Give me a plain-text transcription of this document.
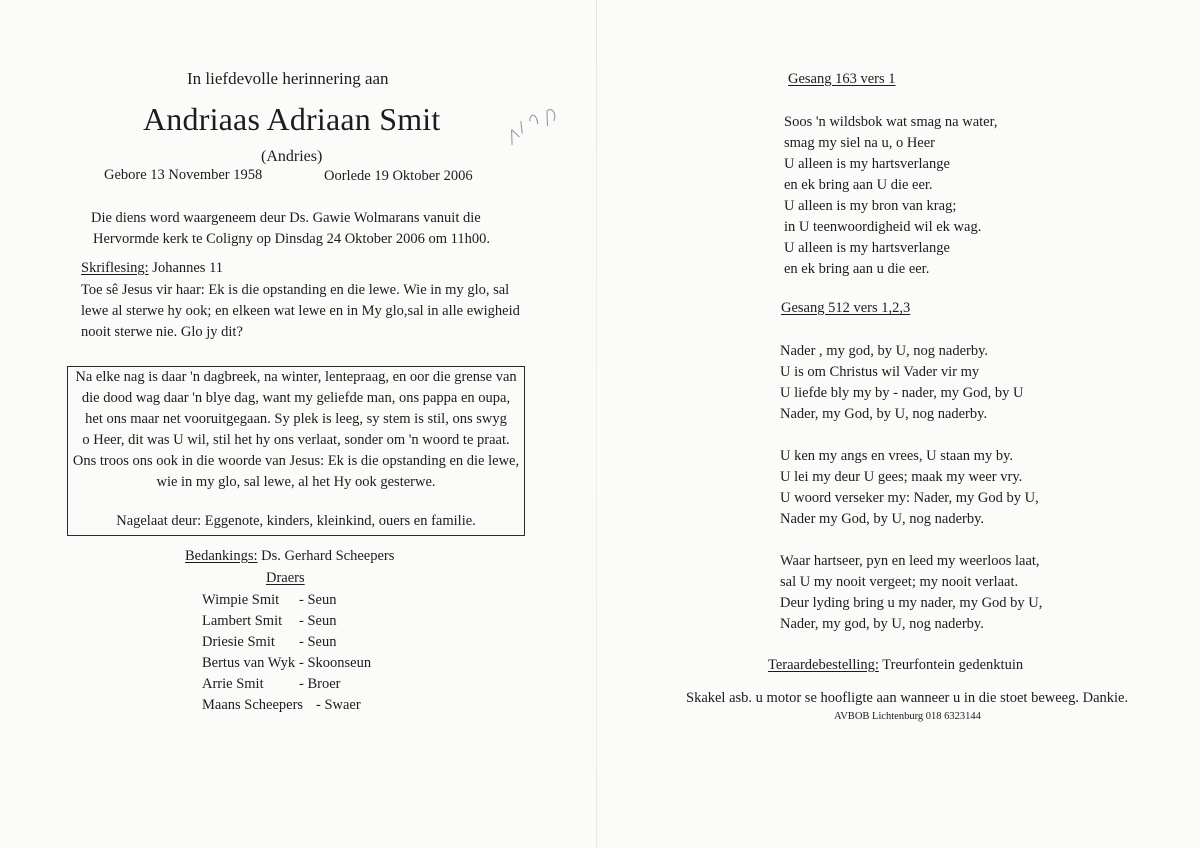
In liefdevolle herinnering aan
Andriaas Adriaan Smit
(Andries)
Gebore 13 November 1958	Oorlede 19 Oktober 2006
Die diens word waargeneem deur Ds. Gawie Wolmarans vanuit die
Hervormde kerk te Coligny op Dinsdag 24 Oktober 2006 om 11h00.
Skriflesing: Johannes 11
Toe sê Jesus vir haar: Ek is die opstanding en die lewe. Wie in my glo, sal
lewe al sterwe hy ook; en elkeen wat lewe en in My glo,sal in alle ewigheid
nooit sterwe nie. Glo jy dit?
Na elke nag is daar 'n dagbreek, na winter, lentepraag, en oor die grense van
die dood wag daar 'n blye dag, want my geliefde man, ons pappa en oupa,
het ons maar net vooruitgegaan. Sy plek is leeg, sy stem is stil, ons swyg
o Heer, dit was U wil, stil het hy ons verlaat, sonder om 'n woord te praat.
Ons troos ons ook in die woorde van Jesus: Ek is die opstanding en die lewe,
wie in my glo, sal lewe, al het Hy ook gesterwe.
Nagelaat deur: Eggenote, kinders, kleinkind, ouers en familie.
Bedankings: Ds. Gerhard Scheepers
Draers
Wimpie Smit - Seun
Lambert Smit - Seun
Driesie Smit - Seun
Bertus van Wyk - Skoonseun
Arrie Smit - Broer
Maans Scheepers - Swaer
Gesang 163 vers 1
Soos 'n wildsbok wat smag na water,
smag my siel na u, o Heer
U alleen is my hartsverlange
en ek bring aan U die eer.
U alleen is my bron van krag;
in U teenwoordigheid wil ek wag.
U alleen is my hartsverlange
en ek bring aan u die eer.
Gesang 512 vers 1,2,3
Nader , my god, by U, nog naderby.
U is om Christus wil Vader vir my
U liefde bly my by - nader, my God, by U
Nader, my God, by U, nog naderby.
U ken my angs en vrees, U staan my by.
U lei my deur U gees; maak my weer vry.
U woord verseker my: Nader, my God by U,
Nader my God, by U, nog naderby.
Waar hartseer, pyn en leed my weerloos laat,
sal U my nooit vergeet; my nooit verlaat.
Deur lyding bring u my nader, my God by U,
Nader, my god, by U, nog naderby.
Teraardebestelling: Treurfontein gedenktuin
Skakel asb. u motor se hoofligte aan wanneer u in die stoet beweeg. Dankie.
AVBOB Lichtenburg 018 6323144
